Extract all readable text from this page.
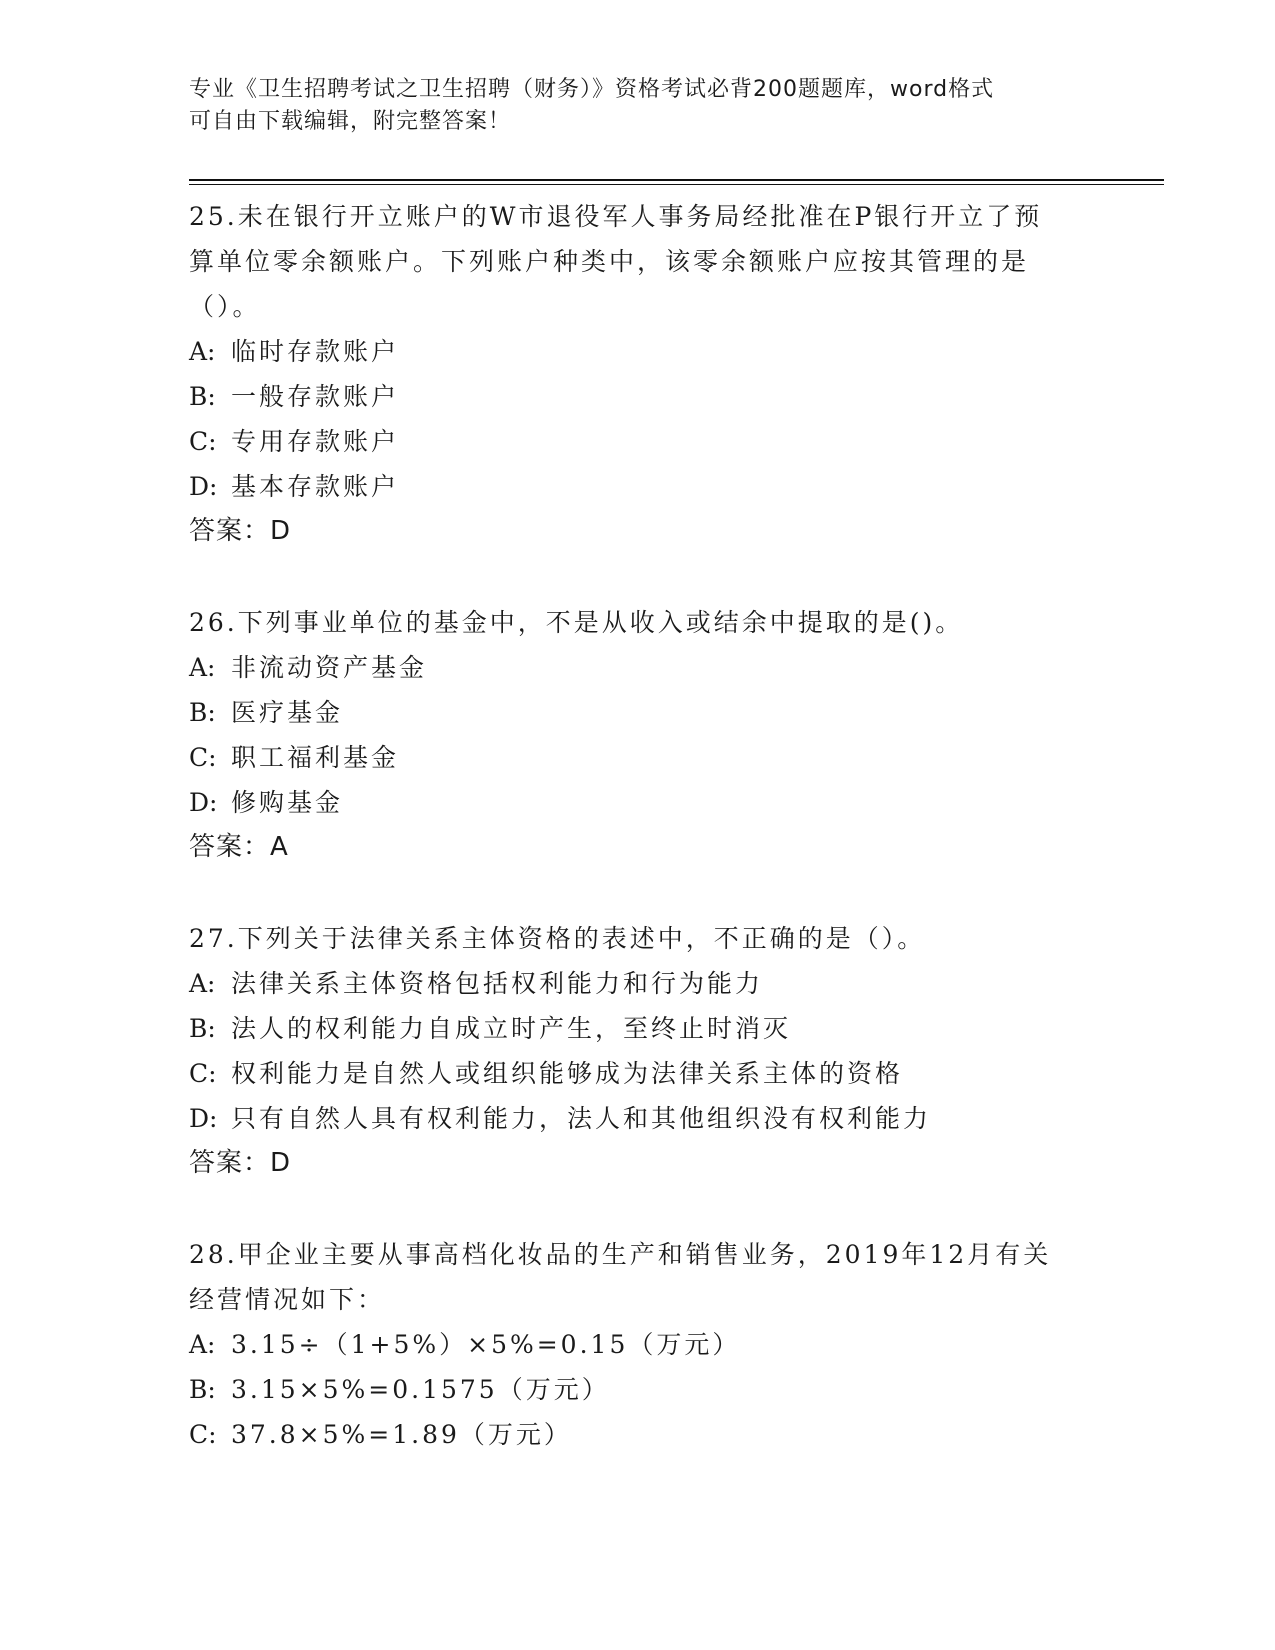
专业《卫生招聘考试之卫生招聘（财务）》资格考试必背200题题库，word格式
可自由下载编辑，附完整答案！
25.未在银行开立账户的W市退役军人事务局经批准在P银行开立了预
算单位零余额账户。下列账户种类中，该零余额账户应按其管理的是
（）。
A: 临时存款账户
B: 一般存款账户
C: 专用存款账户
D: 基本存款账户
答案：D
26.下列事业单位的基金中，不是从收入或结余中提取的是()。
A: 非流动资产基金
B: 医疗基金
C: 职工福利基金
D: 修购基金
答案：A
27.下列关于法律关系主体资格的表述中，不正确的是（）。
A: 法律关系主体资格包括权利能力和行为能力
B: 法人的权利能力自成立时产生，至终止时消灭
C: 权利能力是自然人或组织能够成为法律关系主体的资格
D: 只有自然人具有权利能力，法人和其他组织没有权利能力
答案：D
28.甲企业主要从事高档化妆品的生产和销售业务，2019年12月有关
经营情况如下：
A: 3.15÷（1+5%）×5%=0.15（万元）
B: 3.15×5%=0.1575（万元）
C: 37.8×5%=1.89（万元）
